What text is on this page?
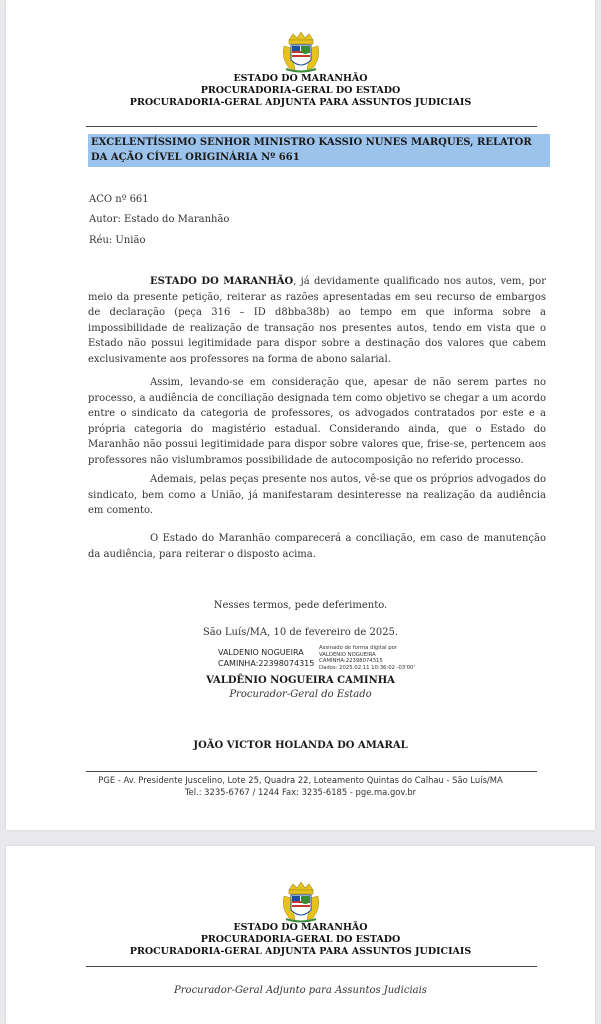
ESTADO DO MARANHÃO
PROCURADORIA-GERAL DO ESTADO
PROCURADORIA-GERAL ADJUNTA PARA ASSUNTOS JUDICIAIS
EXCELENTÍSSIMO SENHOR MINISTRO KASSIO NUNES MARQUES, RELATOR DA AÇÃO CÍVEL ORIGINÁRIA Nº 661
ACO nº 661
Autor: Estado do Maranhão
Réu: União

ESTADO DO MARANHÃO, já devidamente qualificado nos autos, vem, por meio da presente petição, reiterar as razões apresentadas em seu recurso de embargos de declaração (peça 316 – ID d8bba38b) ao tempo em que informa sobre a impossibilidade de realização de transação nos presentes autos, tendo em vista que o Estado não possui legitimidade para dispor sobre a destinação dos valores que cabem exclusivamente aos professores na forma de abono salarial.

Assim, levando-se em consideração que, apesar de não serem partes no processo, a audiência de conciliação designada tem como objetivo se chegar a um acordo entre o sindicato da categoria de professores, os advogados contratados por este e a própria categoria do magistério estadual. Considerando ainda, que o Estado do Maranhão não possui legitimidade para dispor sobre valores que, frise-se, pertencem aos professores não vislumbramos possibilidade de autocomposição no referido processo.

Ademais, pelas peças presente nos autos, vê-se que os próprios advogados do sindicato, bem como a União, já manifestaram desinteresse na realização da audiência em comento.

O Estado do Maranhão comparecerá a conciliação, em caso de manutenção da audiência, para reiterar o disposto acima.

Nesses termos, pede deferimento.
São Luís/MA, 10 de fevereiro de 2025.
VALDENIO NOGUEIRA
CAMINHA:22398074315
Assinado de forma digital por
VALDENIO NOGUEIRA
CAMINHA:22398074315
Dados: 2025.02.11 10:36:02 -03'00'
VALDÊNIO NOGUEIRA CAMINHA
Procurador-Geral do Estado
JOÃO VICTOR HOLANDA DO AMARAL
PGE - Av. Presidente Juscelino, Lote 25, Quadra 22, Loteamento Quintas do Calhau - São Luís/MA
Tel.: 3235-6767 / 1244 Fax: 3235-6185 - pge.ma.gov.br
ESTADO DO MARANHÃO
PROCURADORIA-GERAL DO ESTADO
PROCURADORIA-GERAL ADJUNTA PARA ASSUNTOS JUDICIAIS
Procurador-Geral Adjunto para Assuntos Judiciais
